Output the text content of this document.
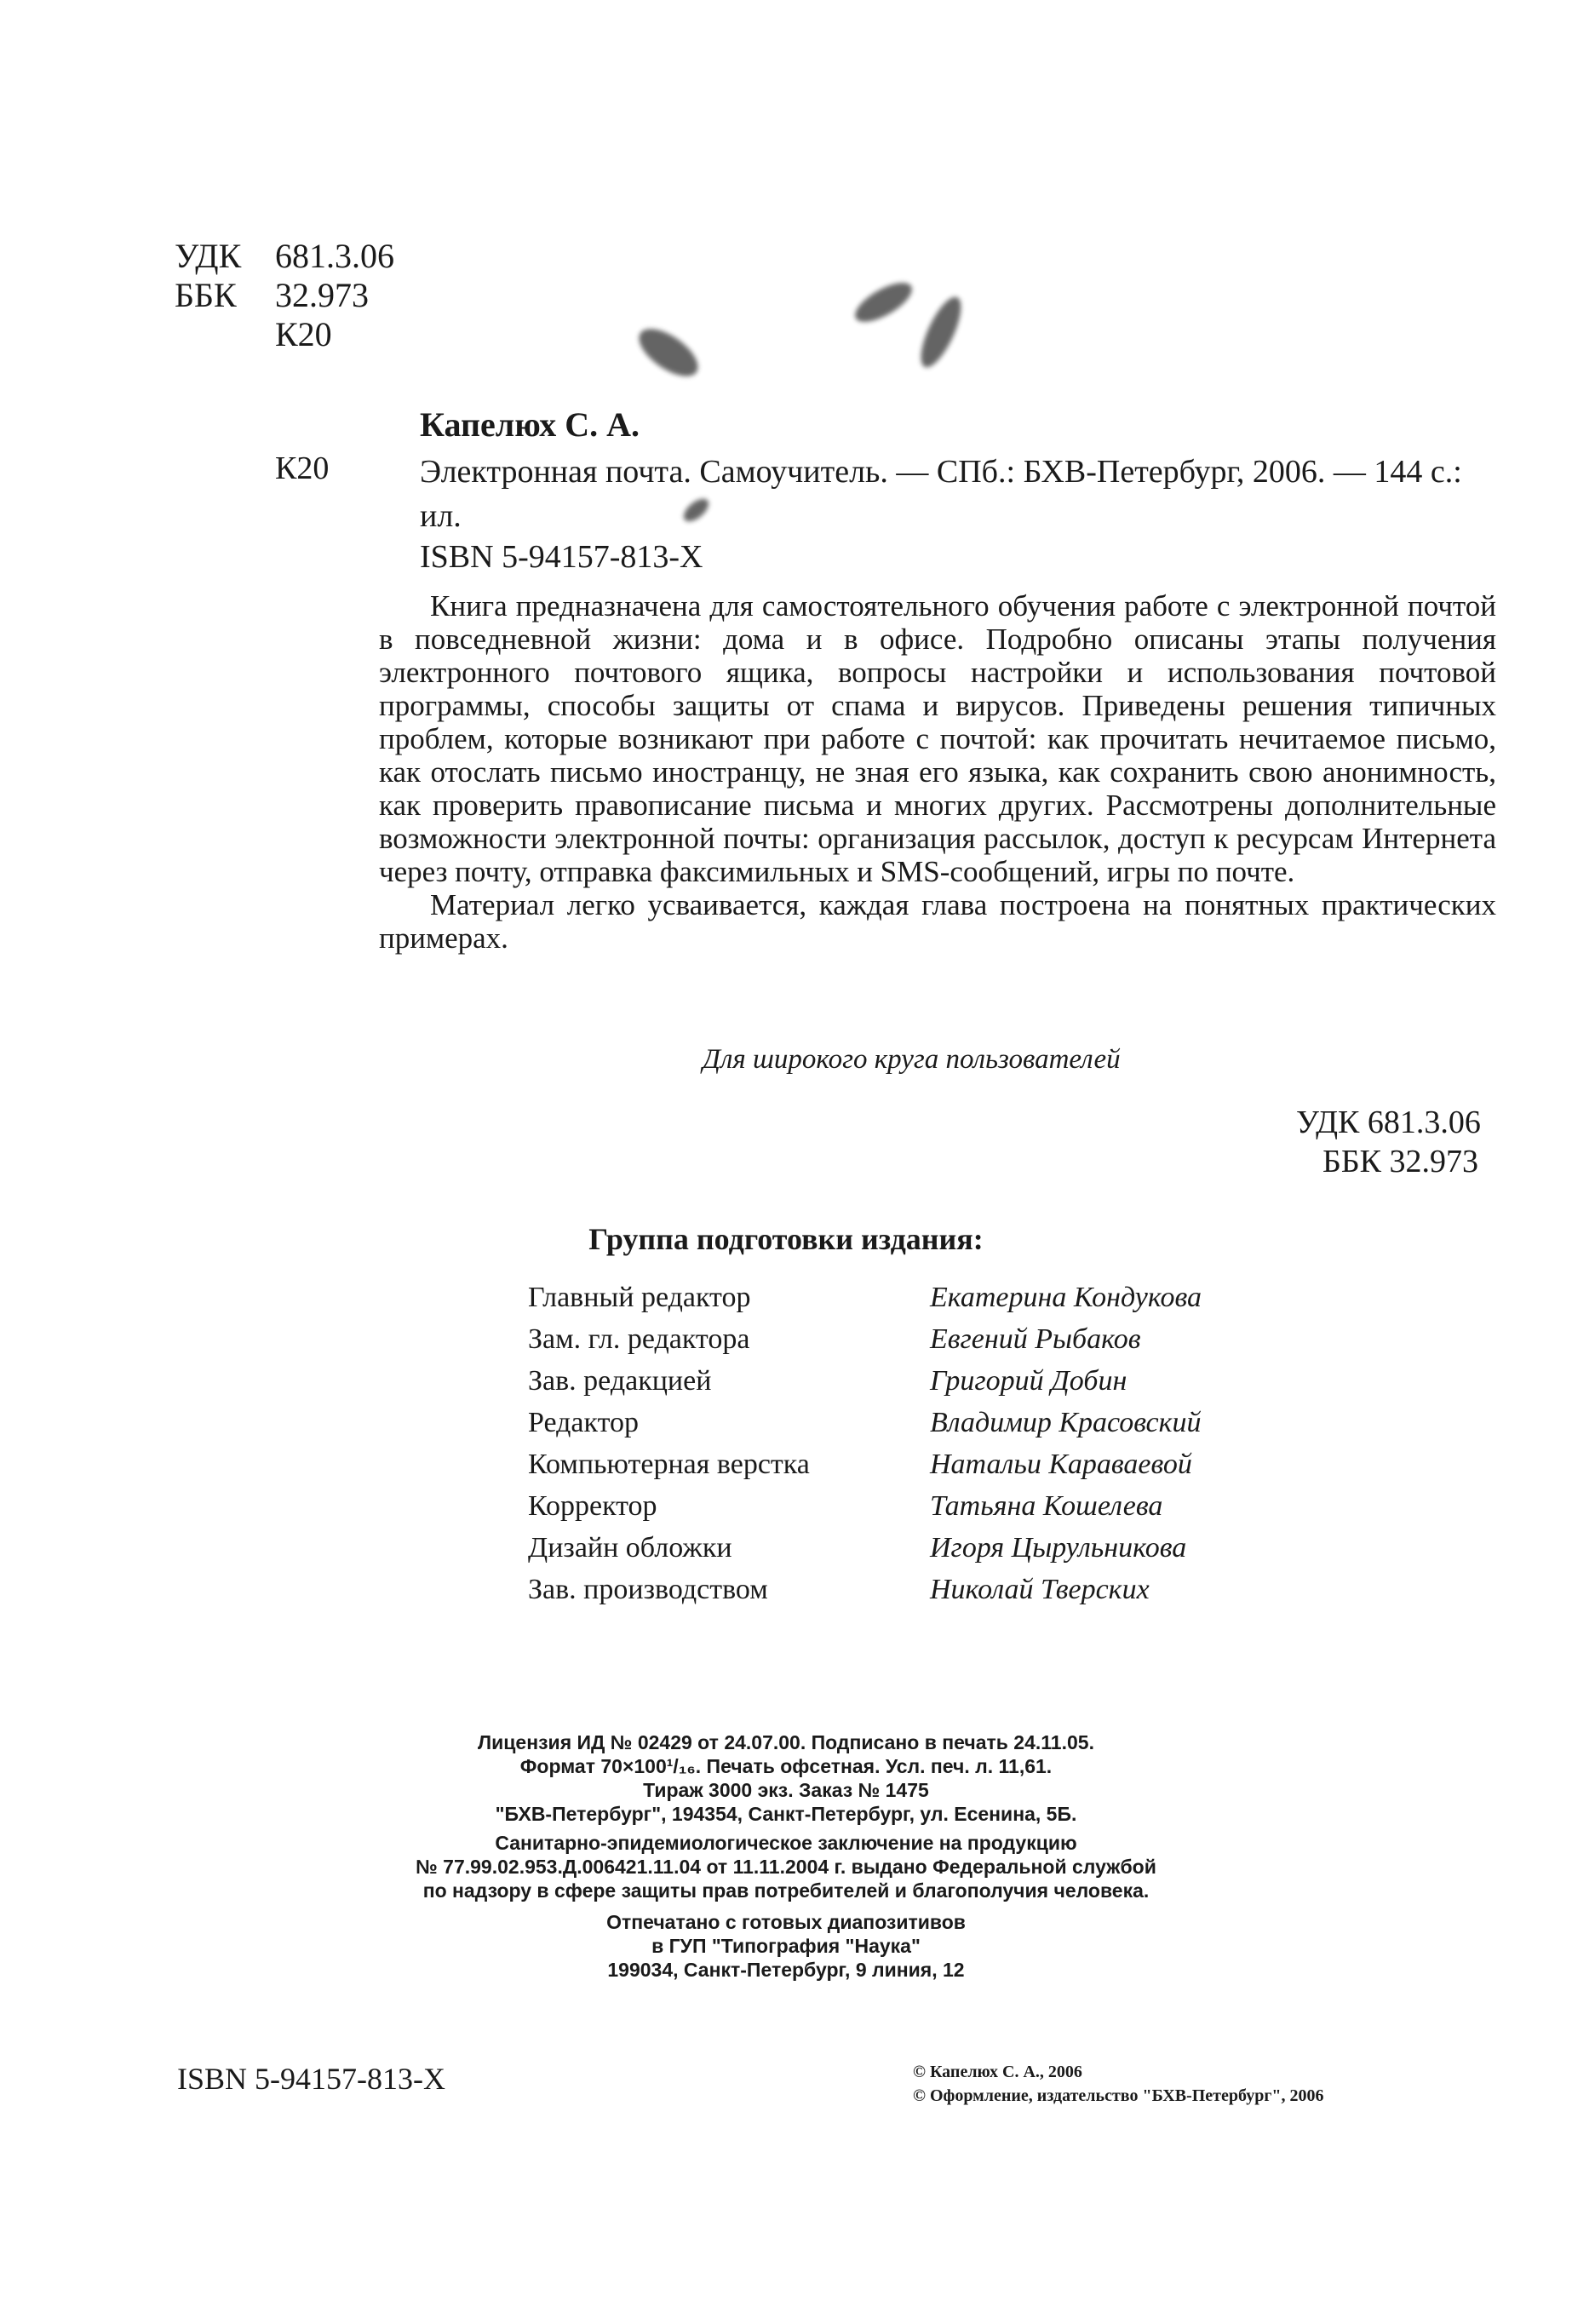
УДК 681.3.06
ББК 32.973
К20
Капелюх С. А.
К20	Электронная почта. Самоучитель. — СПб.: БХВ-Петербург, 2006. — 144 с.: ил.
ISBN 5-94157-813-X

Книга предназначена для самостоятельного обучения работе с электронной почтой в повседневной жизни: дома и в офисе. Подробно описаны этапы получения электронного почтового ящика, вопросы настройки и использования почтовой программы, способы защиты от спама и вирусов. Приведены решения типичных проблем, которые возникают при работе с почтой: как прочитать нечитаемое письмо, как отослать письмо иностранцу, не зная его языка, как сохранить свою анонимность, как проверить правописание письма и многих других. Рассмотрены дополнительные возможности электронной почты: организация рассылок, доступ к ресурсам Интернета через почту, отправка факсимильных и SMS-сообщений, игры по почте.

Материал легко усваивается, каждая глава построена на понятных практических примерах.

Для широкого круга пользователей
УДК 681.3.06
ББК 32.973
Группа подготовки издания:
Главный редактор	Екатерина Кондукова
Зам. гл. редактора	Евгений Рыбаков
Зав. редакцией	Григорий Добин
Редактор	Владимир Красовский
Компьютерная верстка	Натальи Караваевой
Корректор	Татьяна Кошелева
Дизайн обложки	Игоря Цырульникова
Зав. производством	Николай Тверских
Лицензия ИД № 02429 от 24.07.00. Подписано в печать 24.11.05.
Формат 70×100¹/₁₆. Печать офсетная. Усл. печ. л. 11,61.
Тираж 3000 экз. Заказ № 1475
"БХВ-Петербург", 194354, Санкт-Петербург, ул. Есенина, 5Б.
Санитарно-эпидемиологическое заключение на продукцию
№ 77.99.02.953.Д.006421.11.04 от 11.11.2004 г. выдано Федеральной службой
по надзору в сфере защиты прав потребителей и благополучия человека.
Отпечатано с готовых диапозитивов
в ГУП "Типография "Наука"
199034, Санкт-Петербург, 9 линия, 12
ISBN 5-94157-813-X	© Капелюх С. А., 2006
© Оформление, издательство "БХВ-Петербург", 2006
